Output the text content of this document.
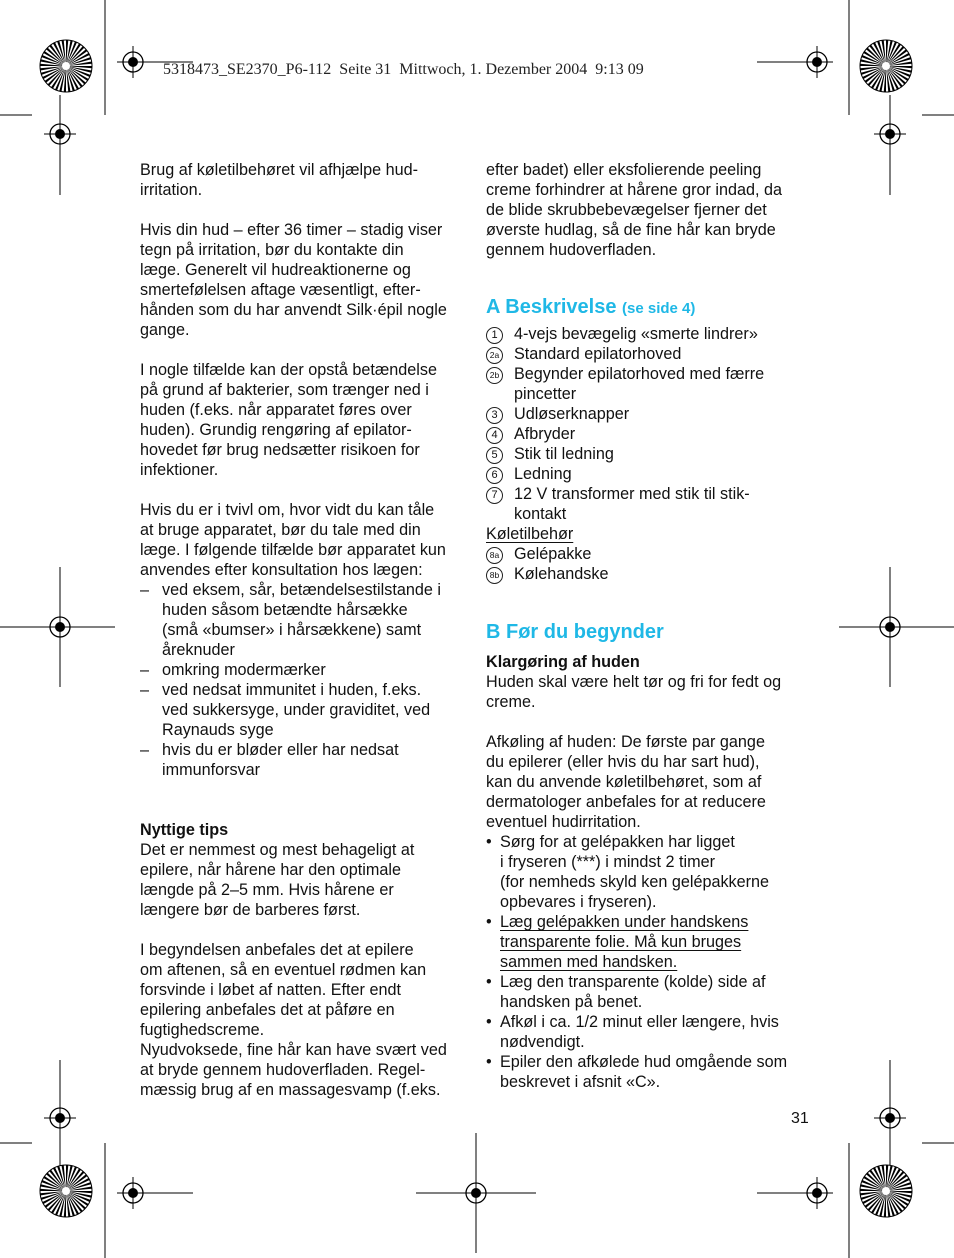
5318473_SE2370_P6-112  Seite 31  Mittwoch, 1. Dezember 2004  9:13 09

Brug af køletilbehøret vil afhjælpe hud-
irritation.

Hvis din hud – efter 36 timer – stadig viser
tegn på irritation, bør du kontakte din
læge. Generelt vil hudreaktionerne og
smertefølelsen aftage væsentligt, efter-
hånden som du har anvendt Silk·épil nogle
gange.

I nogle tilfælde kan der opstå betændelse
på grund af bakterier, som trænger ned i
huden (f.eks. når apparatet føres over
huden). Grundig rengøring af epilator-
hovedet før brug nedsætter risikoen for
infektioner.

Hvis du er i tvivl om, hvor vidt du kan tåle
at bruge apparatet, bør du tale med din
læge. I følgende tilfælde bør apparatet kun
anvendes efter konsultation hos lægen:

– ved eksem, sår, betændelsestilstande i
huden såsom betændte hårsække
(små «bumser» i hårsækkene) samt
åreknuder
– omkring modermærker
– ved nedsat immunitet i huden, f.eks.
ved sukkersyge, under graviditet, ved
Raynauds syge
– hvis du er bløder eller har nedsat
immunforsvar
Nyttige tips

Det er nemmest og mest behageligt at
epilere, når hårene har den optimale
længde på 2–5 mm. Hvis hårene er
længere bør de barberes først.

I begyndelsen anbefales det at epilere
om aftenen, så en eventuel rødmen kan
forsvinde i løbet af natten. Efter endt
epilering anbefales det at påføre en
fugtighedscreme.
Nyudvoksede, fine hår kan have svært ved
at bryde gennem hudoverfladen. Regel-
mæssig brug af en massagesvamp (f.eks.

efter badet) eller eksfolierende peeling
creme forhindrer at hårene gror indad, da
de blide skrubbebevægelser fjerner det
øverste hudlag, så de fine hår kan bryde
gennem hudoverfladen.

A Beskrivelse (se side 4)
1	4-vejs bevægelig «smerte lindrer»
2a Standard epilatorhoved
2b Begynder epilatorhoved med færre
pincetter
3	Udløserknapper
4	Afbryder
5	Stik til ledning
6	Ledning
7	12 V transformer med stik til stik-
kontakt
Køletilbehør
8a Gelépakke
8b Kølehandske
B Før du begynder
Klargøring af huden

Huden skal være helt tør og fri for fedt og
creme.

Afkøling af huden: De første par gange
du epilerer (eller hvis du har sart hud),
kan du anvende køletilbehøret, som af
dermatologer anbefales for at reducere
eventuel hudirritation.

• Sørg for at gelépakken har ligget
i fryseren (***) i mindst 2 timer
(for nemheds skyld ken gelépakkerne
opbevares i fryseren).
• Læg gelépakken under handskens
transparente folie. Må kun bruges
sammen med handsken.
• Læg den transparente (kolde) side af
handsken på benet.
• Afkøl i ca. 1/2 minut eller længere, hvis
nødvendigt.
• Epiler den afkølede hud omgående som
beskrevet i afsnit «C».
31
